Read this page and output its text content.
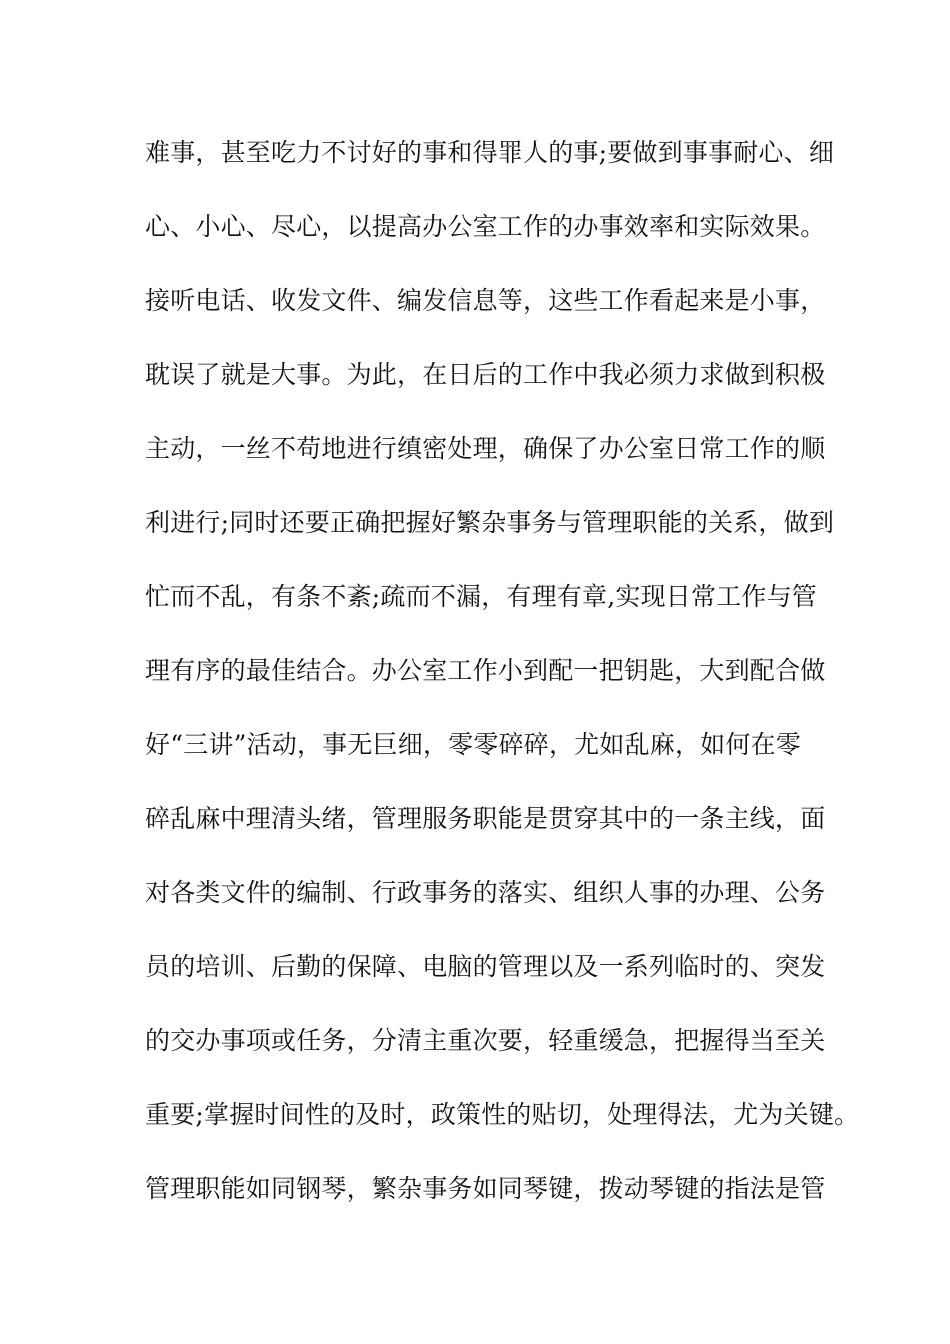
难事，甚至吃力不讨好的事和得罪人的事;要做到事事耐心、细
心、小心、尽心，以提高办公室工作的办事效率和实际效果。
接听电话、收发文件、编发信息等，这些工作看起来是小事，
耽误了就是大事。为此，在日后的工作中我必须力求做到积极
主动，一丝不苟地进行缜密处理，确保了办公室日常工作的顺
利进行;同时还要正确把握好繁杂事务与管理职能的关系，做到
忙而不乱，有条不紊;疏而不漏，有理有章,实现日常工作与管
理有序的最佳结合。办公室工作小到配一把钥匙，大到配合做
好“三讲”活动，事无巨细，零零碎碎，尤如乱麻，如何在零
碎乱麻中理清头绪，管理服务职能是贯穿其中的一条主线，面
对各类文件的编制、行政事务的落实、组织人事的办理、公务
员的培训、后勤的保障、电脑的管理以及一系列临时的、突发
的交办事项或任务，分清主重次要，轻重缓急，把握得当至关
重要;掌握时间性的及时，政策性的贴切，处理得法，尤为关键。
管理职能如同钢琴，繁杂事务如同琴键，拨动琴键的指法是管
